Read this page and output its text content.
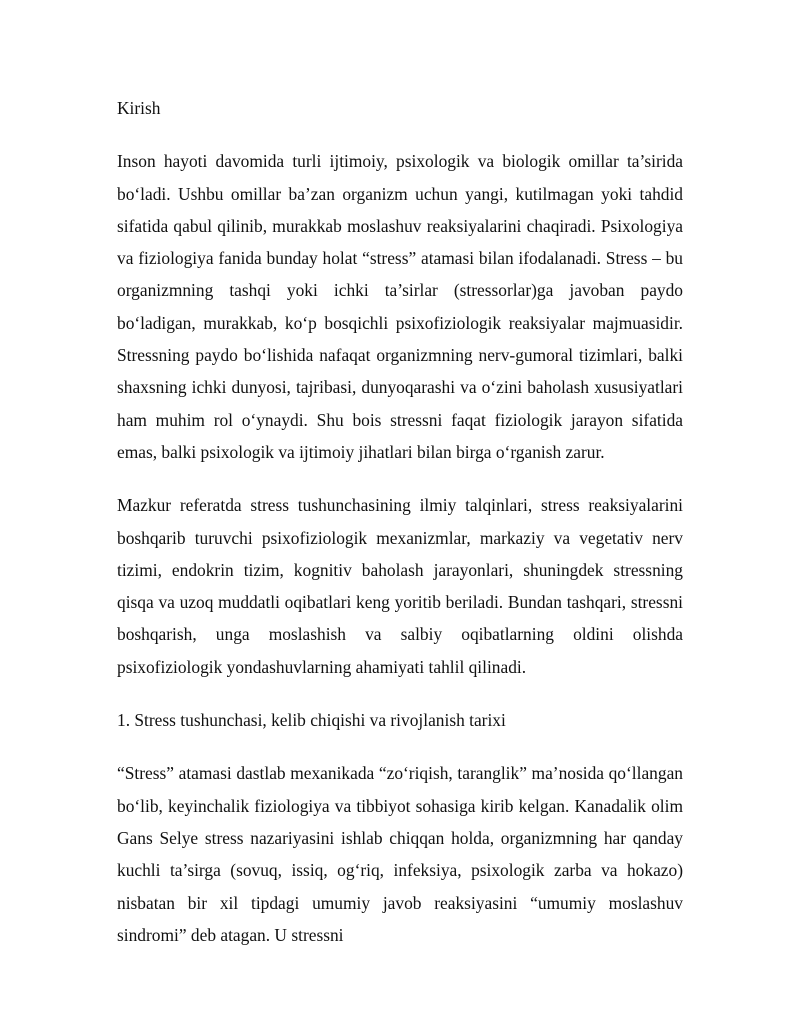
Kirish

Inson hayoti davomida turli ijtimoiy, psixologik va biologik omillar ta’sirida bo‘ladi. Ushbu omillar ba’zan organizm uchun yangi, kutilmagan yoki tahdid sifatida qabul qilinib, murakkab moslashuv reaksiyalarini chaqiradi. Psixologiya va fiziologiya fanida bunday holat “stress” atamasi bilan ifodalanadi. Stress – bu organizmning tashqi yoki ichki ta’sirlar (stressorlar)ga javoban paydo bo‘ladigan, murakkab, ko‘p bosqichli psixofiziologik reaksiyalar majmuasidir. Stressning paydo bo‘lishida nafaqat organizmning nerv-gumoral tizimlari, balki shaxsning ichki dunyosi, tajribasi, dunyoqarashi va o‘zini baholash xususiyatlari ham muhim rol o‘ynaydi. Shu bois stressni faqat fiziologik jarayon sifatida emas, balki psixologik va ijtimoiy jihatlari bilan birga o‘rganish zarur.

Mazkur referatda stress tushunchasining ilmiy talqinlari, stress reaksiyalarini boshqarib turuvchi psixofiziologik mexanizmlar, markaziy va vegetativ nerv tizimi, endokrin tizim, kognitiv baholash jarayonlari, shuningdek stressning qisqa va uzoq muddatli oqibatlari keng yoritib beriladi. Bundan tashqari, stressni boshqarish, unga moslashish va salbiy oqibatlarning oldini olishda psixofiziologik yondashuvlarning ahamiyati tahlil qilinadi.

1. Stress tushunchasi, kelib chiqishi va rivojlanish tarixi

“Stress” atamasi dastlab mexanikada “zo‘riqish, taranglik” ma’nosida qo‘llangan bo‘lib, keyinchalik fiziologiya va tibbiyot sohasiga kirib kelgan. Kanadalik olim Gans Selye stress nazariyasini ishlab chiqqan holda, organizmning har qanday kuchli ta’sirga (sovuq, issiq, og‘riq, infeksiya, psixologik zarba va hokazo) nisbatan bir xil tipdagi umumiy javob reaksiyasini “umumiy moslashuv sindromi” deb atagan. U stressni
